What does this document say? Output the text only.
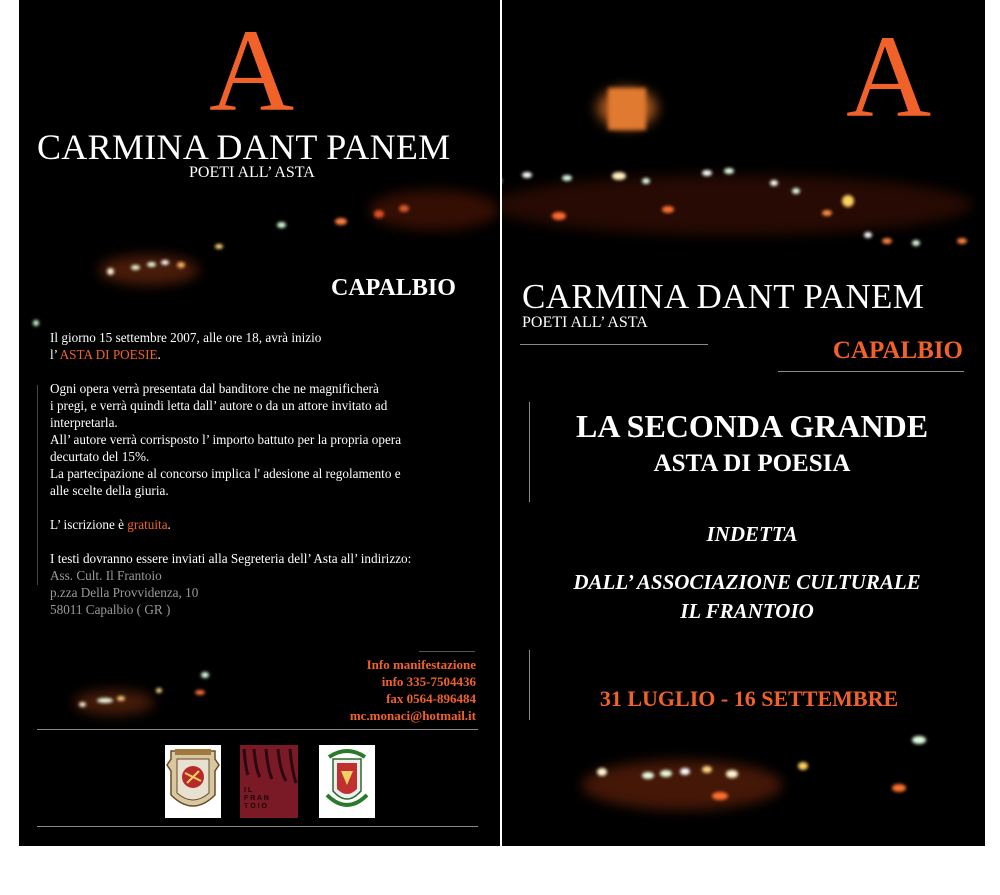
A
CARMINA DANT PANEM
POETI ALL’ ASTA
CAPALBIO
Il giorno 15 settembre 2007, alle ore 18, avrà inizio
l’ ASTA DI POESIE.
Ogni opera verrà presentata dal banditore che ne magnificherà
i pregi, e verrà quindi letta dall’ autore o da un attore invitato ad
interpretarla.
All’ autore verrà corrisposto l’ importo battuto per la propria opera
decurtato del 15%.
La partecipazione al concorso implica l' adesione al regolamento e
alle scelte della giuria.
L’ iscrizione è gratuita.
I testi dovranno essere inviati alla Segreteria dell’ Asta all’ indirizzo:
Ass. Cult. Il Frantoio
p.zza Della Provvidenza, 10
58011 Capalbio ( GR )
Info manifestazione
info 335-7504436
fax 0564-896484
mc.monaci@hotmail.it
I L
F R A N
T O I O
A
CARMINA DANT PANEM
POETI ALL’ ASTA
CAPALBIO
LA SECONDA GRANDE
ASTA DI POESIA
INDETTA
DALL’ ASSOCIAZIONE CULTURALE
IL FRANTOIO
31 LUGLIO - 16 SETTEMBRE
